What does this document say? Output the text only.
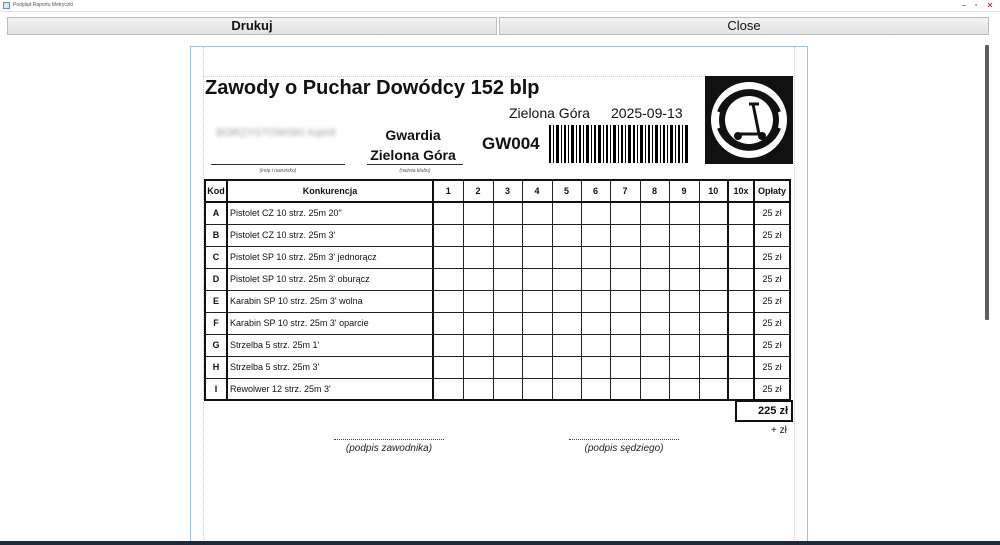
Podgląd Raportu Metryczki	–	▫	✕
Drukuj	Close
Zawody o Puchar Dowódcy 152 blp
Zielona Góra 2025-09-13
BORZYSTOWSKI Kamil
(imię i nazwisko)
Gwardia Zielona Góra
(nazwa klubu)
GW004
Kod	Konkurencja	1	2	3	4	5	6	7	8	9	10	10x	Opłaty
A	Pistolet CZ 10 strz. 25m 20"												25 zł
B	Pistolet CZ 10 strz. 25m 3'												25 zł
C	Pistolet SP 10 strz. 25m 3' jednorącz												25 zł
D	Pistolet SP 10 strz. 25m 3' oburącz												25 zł
E	Karabin SP 10 strz. 25m 3' wolna												25 zł
F	Karabin SP 10 strz. 25m 3' oparcie												25 zł
G	Strzelba 5 strz. 25m 1'												25 zł
H	Strzelba 5 strz. 25m 3'												25 zł
I	Rewolwer 12 strz. 25m 3'												25 zł
225 zł
+ zł
(podpis zawodnika)	(podpis sędziego)
